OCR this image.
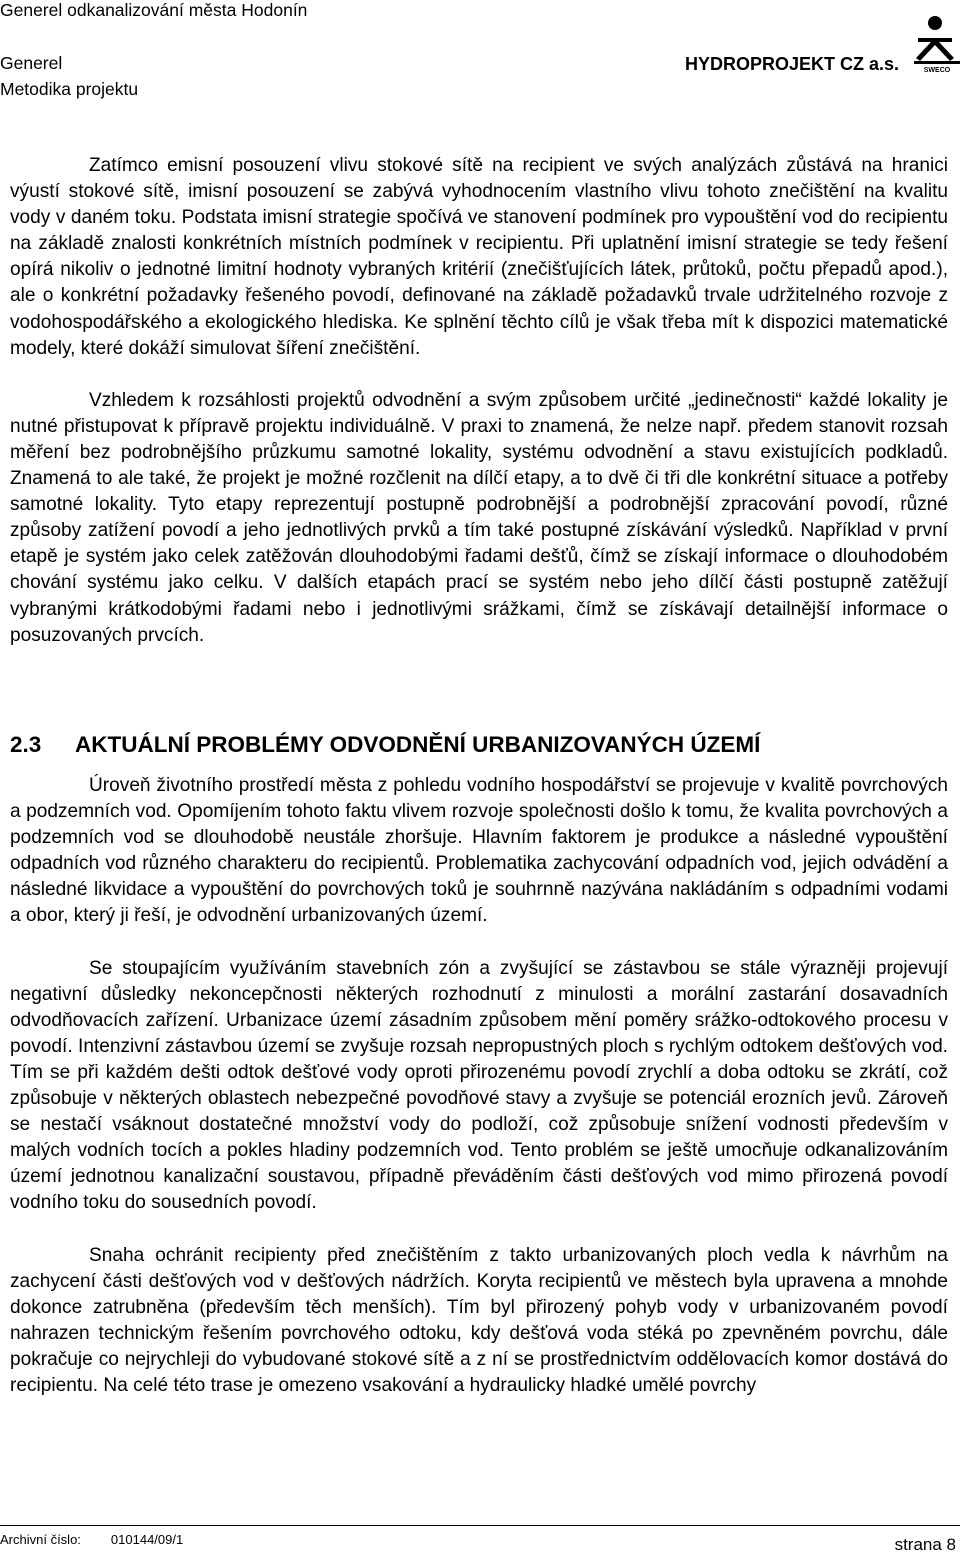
Generel odkanalizování města Hodonín
Generel
Metodika projektu
HYDROPROJEKT CZ a.s.	SWECO

Zatímco emisní posouzení vlivu stokové sítě na recipient ve svých analýzách zůstává na hranici výustí stokové sítě, imisní posouzení se zabývá vyhodnocením vlastního vlivu tohoto znečištění na kvalitu vody v daném toku. Podstata imisní strategie spočívá ve stanovení podmínek pro vypouštění vod do recipientu na základě znalosti konkrétních místních podmínek v recipientu. Při uplatnění imisní strategie se tedy řešení opírá nikoliv o jednotné limitní hodnoty vybraných kritérií (znečišťujících látek, průtoků, počtu přepadů apod.), ale o konkrétní požadavky řešeného povodí, definované na základě požadavků trvale udržitelného rozvoje z vodohospodářského a ekologického hlediska. Ke splnění těchto cílů je však třeba mít k dispozici matematické modely, které dokáží simulovat šíření znečištění.

Vzhledem k rozsáhlosti projektů odvodnění a svým způsobem určité „jedinečnosti“ každé lokality je nutné přistupovat k přípravě projektu individuálně. V praxi to znamená, že nelze např. předem stanovit rozsah měření bez podrobnějšího průzkumu samotné lokality, systému odvodnění a stavu existujících podkladů. Znamená to ale také, že projekt je možné rozčlenit na dílčí etapy, a to dvě či tři dle konkrétní situace a potřeby samotné lokality. Tyto etapy reprezentují postupně podrobnější a podrobnější zpracování povodí, různé způsoby zatížení povodí a jeho jednotlivých prvků a tím také postupné získávání výsledků. Například v první etapě je systém jako celek zatěžován dlouhodobými řadami dešťů, čímž se získají informace o dlouhodobém chování systému jako celku. V dalších etapách prací se systém nebo jeho dílčí části postupně zatěžují vybranými krátkodobými řadami nebo i jednotlivými srážkami, čímž se získávají detailnější informace o posuzovaných prvcích.

2.3 AKTUÁLNÍ PROBLÉMY ODVODNĚNÍ URBANIZOVANÝCH ÚZEMÍ

Úroveň životního prostředí města z pohledu vodního hospodářství se projevuje v kvalitě povrchových a podzemních vod. Opomíjením tohoto faktu vlivem rozvoje společnosti došlo k tomu, že kvalita povrchových a podzemních vod se dlouhodobě neustále zhoršuje. Hlavním faktorem je produkce a následné vypouštění odpadních vod různého charakteru do recipientů. Problematika zachycování odpadních vod, jejich odvádění a následné likvidace a vypouštění do povrchových toků je souhrnně nazývána nakládáním s odpadními vodami a obor, který ji řeší, je odvodnění urbanizovaných území.

Se stoupajícím využíváním stavebních zón a zvyšující se zástavbou se stále výrazněji projevují negativní důsledky nekoncepčnosti některých rozhodnutí z minulosti a morální zastarání dosavadních odvodňovacích zařízení. Urbanizace území zásadním způsobem mění poměry srážko-odtokového procesu v povodí. Intenzivní zástavbou území se zvyšuje rozsah nepropustných ploch s rychlým odtokem dešťových vod. Tím se při každém dešti odtok dešťové vody oproti přirozenému povodí zrychlí a doba odtoku se zkrátí, což způsobuje v některých oblastech nebezpečné povodňové stavy a zvyšuje se potenciál erozních jevů. Zároveň se nestačí vsáknout dostatečné množství vody do podloží, což způsobuje snížení vodnosti především v malých vodních tocích a pokles hladiny podzemních vod. Tento problém se ještě umocňuje odkanalizováním území jednotnou kanalizační soustavou, případně převáděním části dešťových vod mimo přirozená povodí vodního toku do sousedních povodí.

Snaha ochránit recipienty před znečištěním z takto urbanizovaných ploch vedla k návrhům na zachycení části dešťových vod v dešťových nádržích. Koryta recipientů ve městech byla upravena a mnohde dokonce zatrubněna (především těch menších). Tím byl přirozený pohyb vody v urbanizovaném povodí nahrazen technickým řešením povrchového odtoku, kdy dešťová voda stéká po zpevněném povrchu, dále pokračuje co nejrychleji do vybudované stokové sítě a z ní se prostřednictvím oddělovacích komor dostává do recipientu. Na celé této trase je omezeno vsakování a hydraulicky hladké umělé povrchy

Archivní číslo: 010144/09/1	strana 8
